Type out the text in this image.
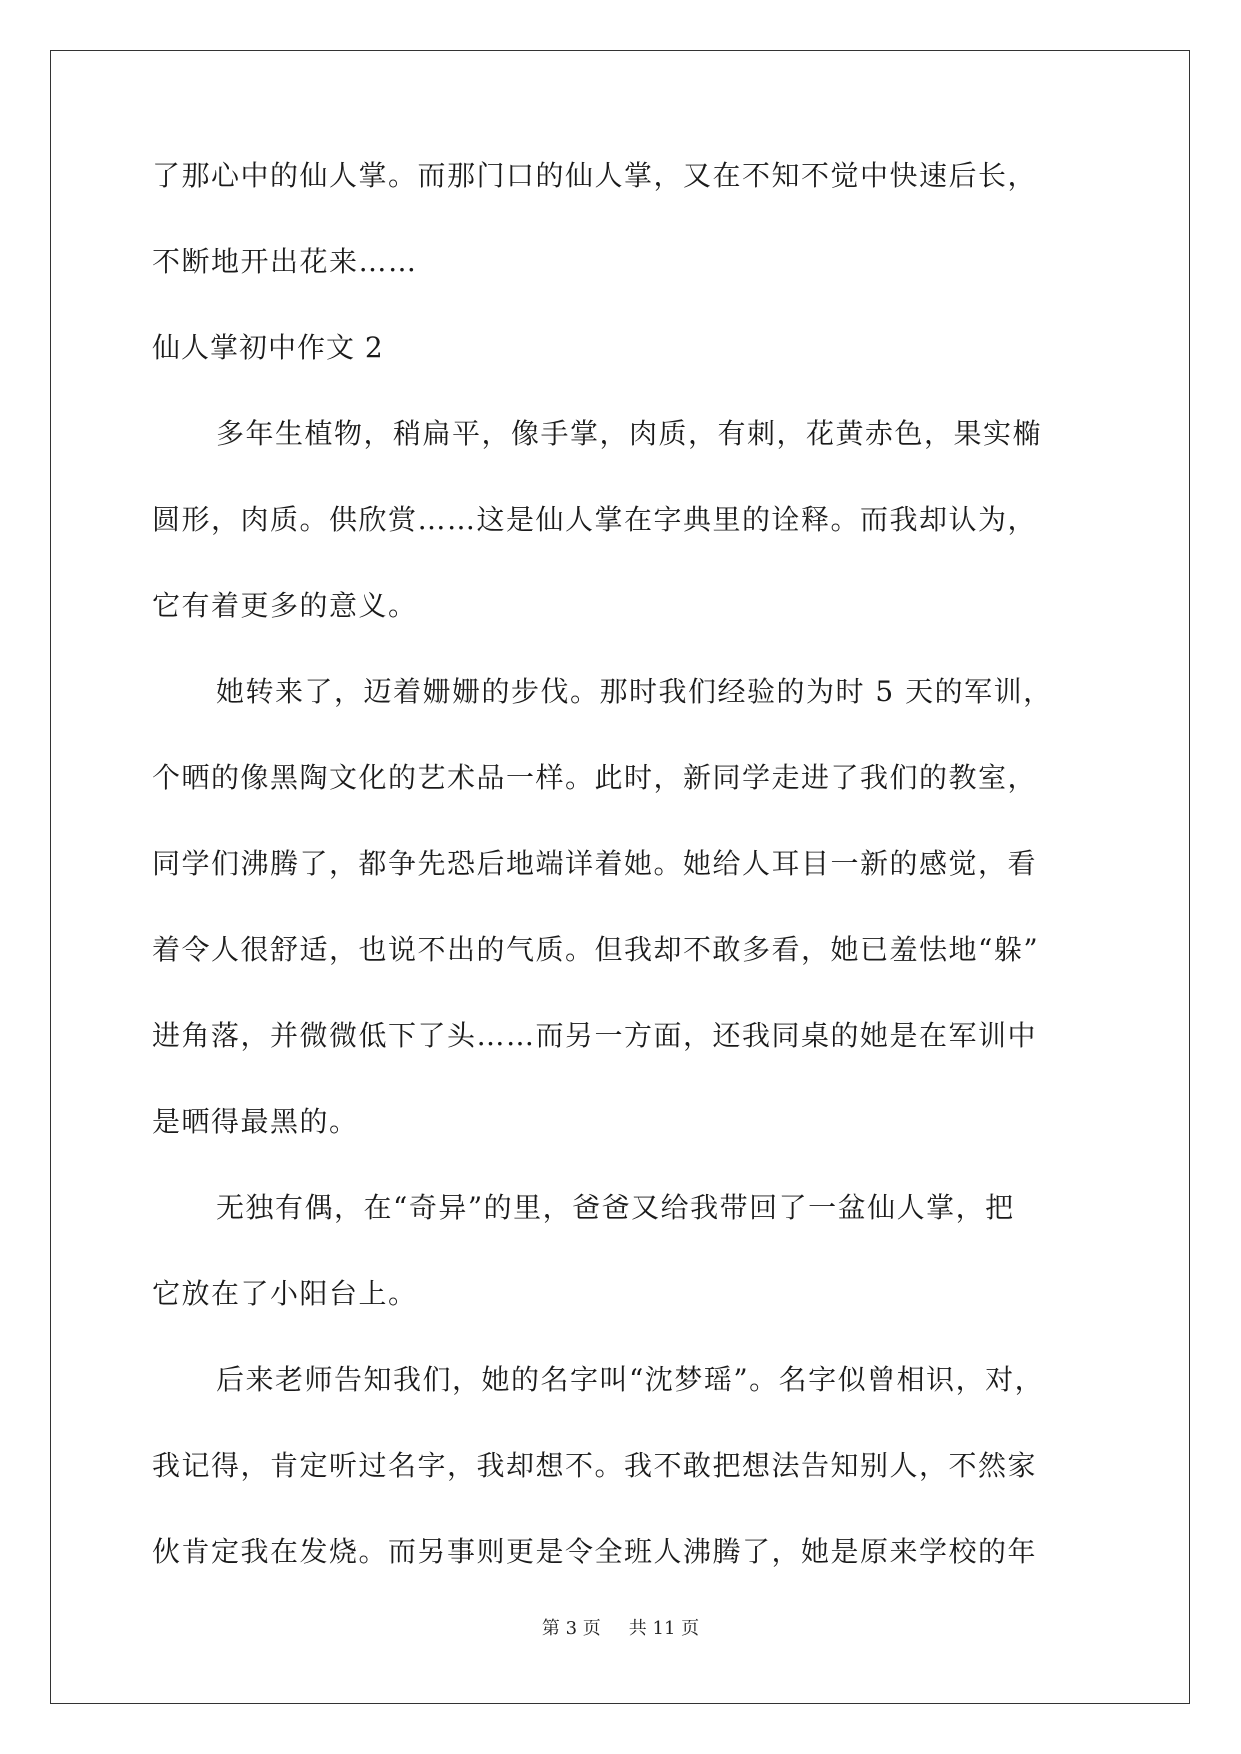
了那心中的仙人掌。而那门口的仙人掌，又在不知不觉中快速后长，
不断地开出花来……
仙人掌初中作文 2
多年生植物，稍扁平，像手掌，肉质，有刺，花黄赤色，果实椭
圆形，肉质。供欣赏……这是仙人掌在字典里的诠释。而我却认为，
它有着更多的意义。
她转来了，迈着姗姗的步伐。那时我们经验的为时 5 天的军训，
个晒的像黑陶文化的艺术品一样。此时，新同学走进了我们的教室，
同学们沸腾了，都争先恐后地端详着她。她给人耳目一新的感觉，看
着令人很舒适，也说不出的气质。但我却不敢多看，她已羞怯地“躲”
进角落，并微微低下了头……而另一方面，还我同桌的她是在军训中
是晒得最黑的。
无独有偶，在“奇异”的里，爸爸又给我带回了一盆仙人掌，把
它放在了小阳台上。
后来老师告知我们，她的名字叫“沈梦瑶”。名字似曾相识，对，
我记得，肯定听过名字，我却想不。我不敢把想法告知别人，不然家
伙肯定我在发烧。而另事则更是令全班人沸腾了，她是原来学校的年
第 3 页 共 11 页
